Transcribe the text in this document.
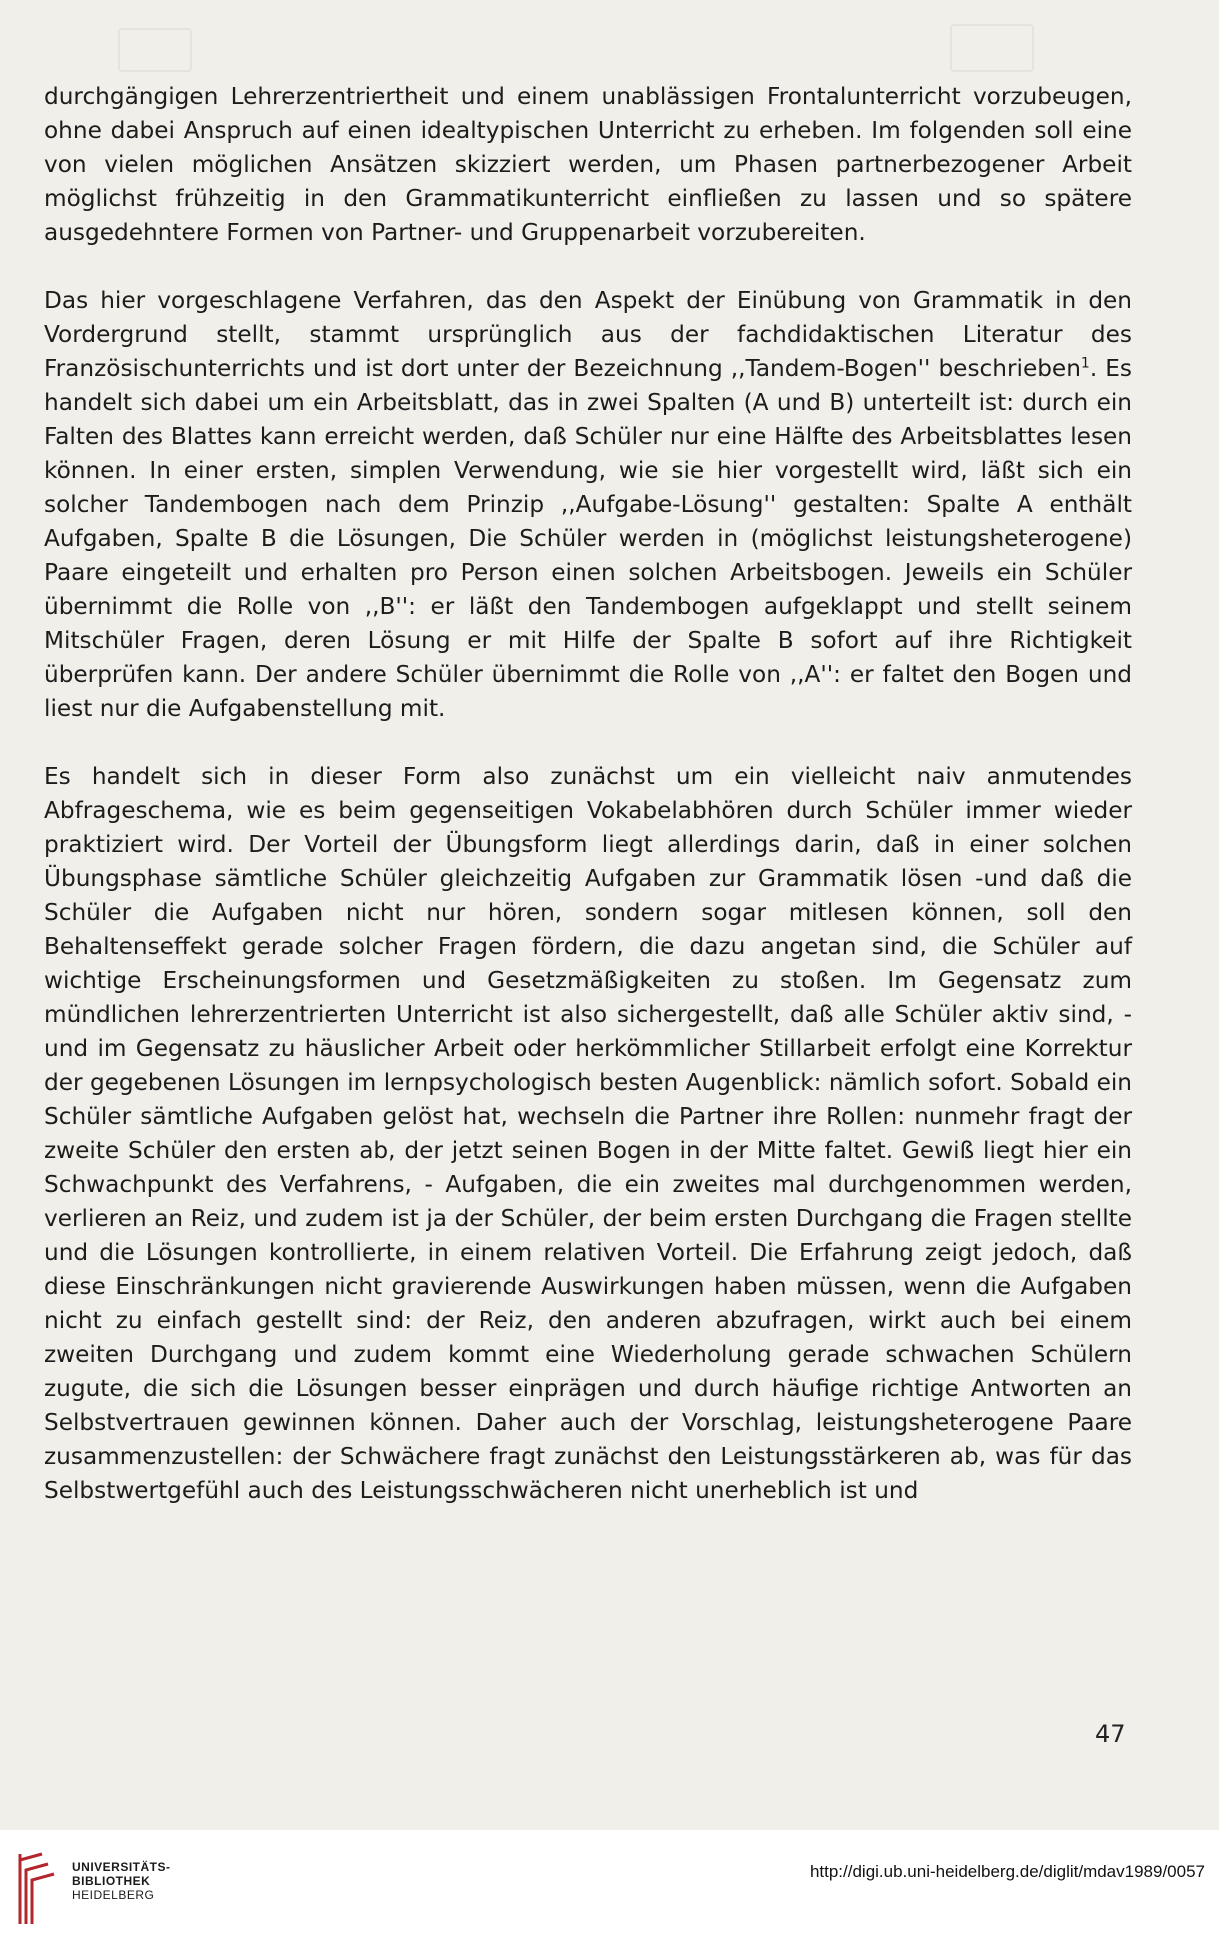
durchgängigen Lehrerzentriertheit und einem unablässigen Frontalunterricht vorzubeugen, ohne dabei Anspruch auf einen idealtypischen Unterricht zu erheben. Im folgenden soll eine von vielen möglichen Ansätzen skizziert werden, um Phasen partnerbezogener Arbeit möglichst frühzeitig in den Grammatikunterricht einfließen zu lassen und so spätere ausgedehntere Formen von Partner- und Gruppenarbeit vorzubereiten.

Das hier vorgeschlagene Verfahren, das den Aspekt der Einübung von Grammatik in den Vordergrund stellt, stammt ursprünglich aus der fachdidaktischen Literatur des Französischunterrichts und ist dort unter der Bezeichnung ,,Tandem-Bogen'' beschrieben$^1$. Es handelt sich dabei um ein Arbeitsblatt, das in zwei Spalten (A und B) unterteilt ist: durch ein Falten des Blattes kann erreicht werden, daß Schüler nur eine Hälfte des Arbeitsblattes lesen können. In einer ersten, simplen Verwendung, wie sie hier vorgestellt wird, läßt sich ein solcher Tandembogen nach dem Prinzip ,,Aufgabe-Lösung'' gestalten: Spalte A enthält Aufgaben, Spalte B die Lösungen, Die Schüler werden in (möglichst leistungsheterogene) Paare eingeteilt und erhalten pro Person einen solchen Arbeitsbogen. Jeweils ein Schüler übernimmt die Rolle von ,,B'': er läßt den Tandembogen aufgeklappt und stellt seinem Mitschüler Fragen, deren Lösung er mit Hilfe der Spalte B sofort auf ihre Richtigkeit überprüfen kann. Der andere Schüler übernimmt die Rolle von ,,A'': er faltet den Bogen und liest nur die Aufgabenstellung mit.

Es handelt sich in dieser Form also zunächst um ein vielleicht naiv anmutendes Abfrageschema, wie es beim gegenseitigen Vokabelabhören durch Schüler immer wieder praktiziert wird. Der Vorteil der Übungsform liegt allerdings darin, daß in einer solchen Übungsphase sämtliche Schüler gleichzeitig Aufgaben zur Grammatik lösen -und daß die Schüler die Aufgaben nicht nur hören, sondern sogar mitlesen können, soll den Behaltenseffekt gerade solcher Fragen fördern, die dazu angetan sind, die Schüler auf wichtige Erscheinungsformen und Gesetzmäßigkeiten zu stoßen. Im Gegensatz zum mündlichen lehrerzentrierten Unterricht ist also sichergestellt, daß alle Schüler aktiv sind, - und im Gegensatz zu häuslicher Arbeit oder herkömmlicher Stillarbeit erfolgt eine Korrektur der gegebenen Lösungen im lernpsychologisch besten Augenblick: nämlich sofort. Sobald ein Schüler sämtliche Aufgaben gelöst hat, wechseln die Partner ihre Rollen: nunmehr fragt der zweite Schüler den ersten ab, der jetzt seinen Bogen in der Mitte faltet. Gewiß liegt hier ein Schwachpunkt des Verfahrens, - Aufgaben, die ein zweites mal durchgenommen werden, verlieren an Reiz, und zudem ist ja der Schüler, der beim ersten Durchgang die Fragen stellte und die Lösungen kontrollierte, in einem relativen Vorteil. Die Erfahrung zeigt jedoch, daß diese Einschränkungen nicht gravierende Auswirkungen haben müssen, wenn die Aufgaben nicht zu einfach gestellt sind: der Reiz, den anderen abzufragen, wirkt auch bei einem zweiten Durchgang und zudem kommt eine Wiederholung gerade schwachen Schülern zugute, die sich die Lösungen besser einprägen und durch häufige richtige Antworten an Selbstvertrauen gewinnen können. Daher auch der Vorschlag, leistungsheterogene Paare zusammenzustellen: der Schwächere fragt zunächst den Leistungsstärkeren ab, was für das Selbstwertgefühl auch des Leistungsschwächeren nicht unerheblich ist und

47
UNIVERSITÄTS-
BIBLIOTHEK
HEIDELBERG
http://digi.ub.uni-heidelberg.de/diglit/mdav1989/0057
